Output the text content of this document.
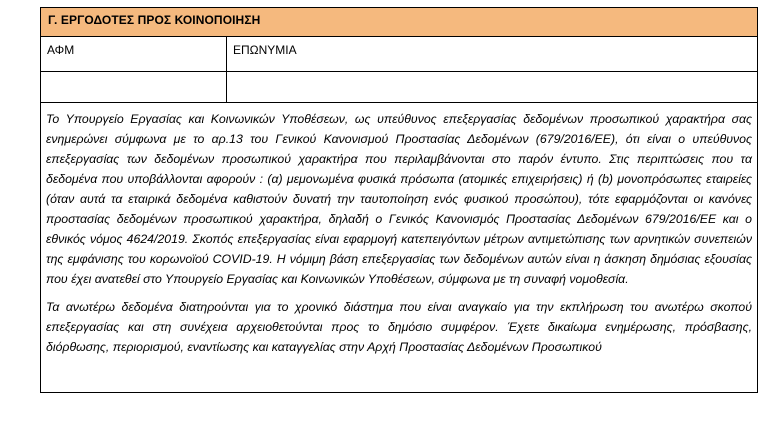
Γ. ΕΡΓΟΔΟΤΕΣ ΠΡΟΣ ΚΟΙΝΟΠΟΙΗΣΗ
ΑΦΜ	ΕΠΩΝΥΜΙΑ

Το Υπουργείο Εργασίας και Κοινωνικών Υποθέσεων, ως υπεύθυνος επεξεργασίας δεδομένων προσωπικού χαρακτήρα σας ενημερώνει σύμφωνα με το αρ.13 του Γενικού Κανονισμού Προστασίας Δεδομένων (679/2016/ΕΕ), ότι είναι ο υπεύθυνος επεξεργασίας των δεδομένων προσωπικού χαρακτήρα που περιλαμβάνονται στο παρόν έντυπο. Στις περιπτώσεις που τα δεδομένα που υποβάλλονται αφορούν : (α) μεμονωμένα φυσικά πρόσωπα (ατομικές επιχειρήσεις) ή (b) μονοπρόσωπες εταιρείες (όταν αυτά τα εταιρικά δεδομένα καθιστούν δυνατή την ταυτοποίηση ενός φυσικού προσώπου), τότε εφαρμόζονται οι κανόνες προστασίας δεδομένων προσωπικού χαρακτήρα, δηλαδή ο Γενικός Κανονισμός Προστασίας Δεδομένων 679/2016/ΕΕ και ο εθνικός νόμος 4624/2019. Σκοπός επεξεργασίας είναι εφαρμογή κατεπειγόντων μέτρων αντιμετώπισης των αρνητικών συνεπειών της εμφάνισης του κορωνοϊού COVID-19. Η νόμιμη βάση επεξεργασίας των δεδομένων αυτών είναι η άσκηση δημόσιας εξουσίας που έχει ανατεθεί στο Υπουργείο Εργασίας και Κοινωνικών Υποθέσεων, σύμφωνα με τη συναφή νομοθεσία.

Τα ανωτέρω δεδομένα διατηρούνται για το χρονικό διάστημα που είναι αναγκαίο για την εκπλήρωση του ανωτέρω σκοπού επεξεργασίας και στη συνέχεια αρχειοθετούνται προς το δημόσιο συμφέρον. Έχετε δικαίωμα ενημέρωσης, πρόσβασης, διόρθωσης, περιορισμού, εναντίωσης και καταγγελίας στην Αρχή Προστασίας Δεδομένων Προσωπικού
